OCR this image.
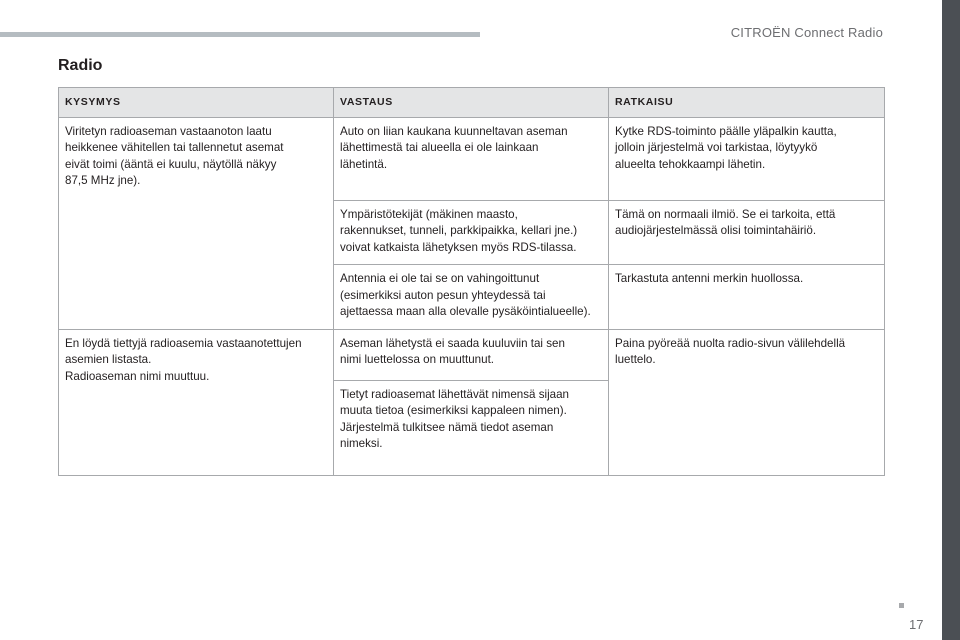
CITROËN Connect Radio
Radio
KYSYMYS	VASTAUS	RATKAISU
Viritetyn radioaseman vastaanoton laatu
heikkenee vähitellen tai tallennetut asemat
eivät toimi (ääntä ei kuulu, näytöllä näkyy
87,5 MHz jne).	Auto on liian kaukana kuunneltavan aseman
lähettimestä tai alueella ei ole lainkaan
lähetintä.	Kytke RDS-toiminto päälle yläpalkin kautta,
jolloin järjestelmä voi tarkistaa, löytyykö
alueelta tehokkaampi lähetin.
	Ympäristötekijät (mäkinen maasto,
rakennukset, tunneli, parkkipaikka, kellari jne.)
voivat katkaista lähetyksen myös RDS-tilassa.	Tämä on normaali ilmiö. Se ei tarkoita, että
audiojärjestelmässä olisi toimintahäiriö.
	Antennia ei ole tai se on vahingoittunut
(esimerkiksi auton pesun yhteydessä tai
ajettaessa maan alla olevalle pysäköintialueelle).	Tarkastuta antenni merkin huollossa.
En löydä tiettyjä radioasemia vastaanotettujen
asemien listasta.
Radioaseman nimi muuttuu.	Aseman lähetystä ei saada kuuluviin tai sen
nimi luettelossa on muuttunut.	Paina pyöreää nuolta radio-sivun välilehdellä
luettelo.
	Tietyt radioasemat lähettävät nimensä sijaan
muuta tietoa (esimerkiksi kappaleen nimen).
Järjestelmä tulkitsee nämä tiedot aseman
nimeksi.	
17
